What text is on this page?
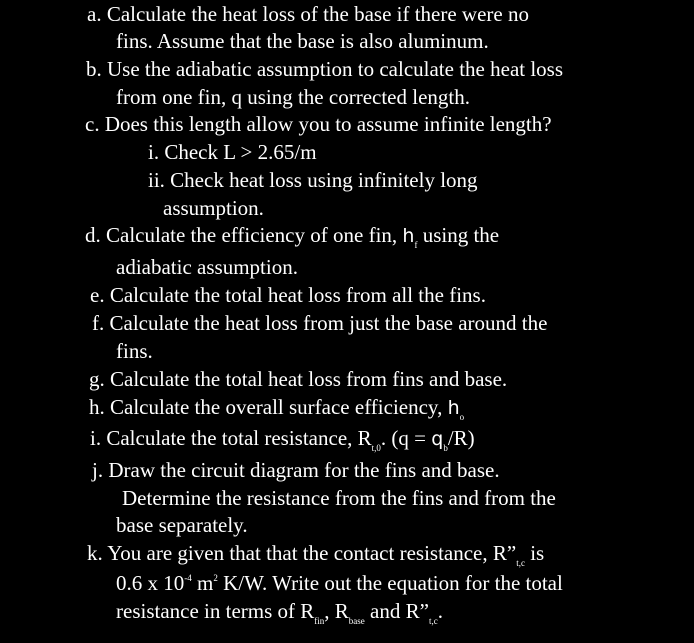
a. Calculate the heat loss of the base if there were no
fins. Assume that the base is also aluminum.
b. Use the adiabatic assumption to calculate the heat loss
from one fin, q using the corrected length.
c. Does this length allow you to assume infinite length?
i. Check L > 2.65/m
ii. Check heat loss using infinitely long
assumption.
d. Calculate the efficiency of one fin, $h_f$ using the
adiabatic assumption.
e. Calculate the total heat loss from all the fins.
f. Calculate the heat loss from just the base around the
fins.
g. Calculate the total heat loss from fins and base.
h. Calculate the overall surface efficiency, $h_o$
i. Calculate the total resistance, $R_{t,0}$. $(q = q_b/R)$
j. Draw the circuit diagram for the fins and base.
Determine the resistance from the fins and from the
base separately.
k. You are given that that the contact resistance, $R”_{t,c}$ is
0.6 x $10^{-4}$ $m^2$ K/W. Write out the equation for the total
resistance in terms of $R_{fin}$, $R_{base}$ and $R”_{t,c}$.
